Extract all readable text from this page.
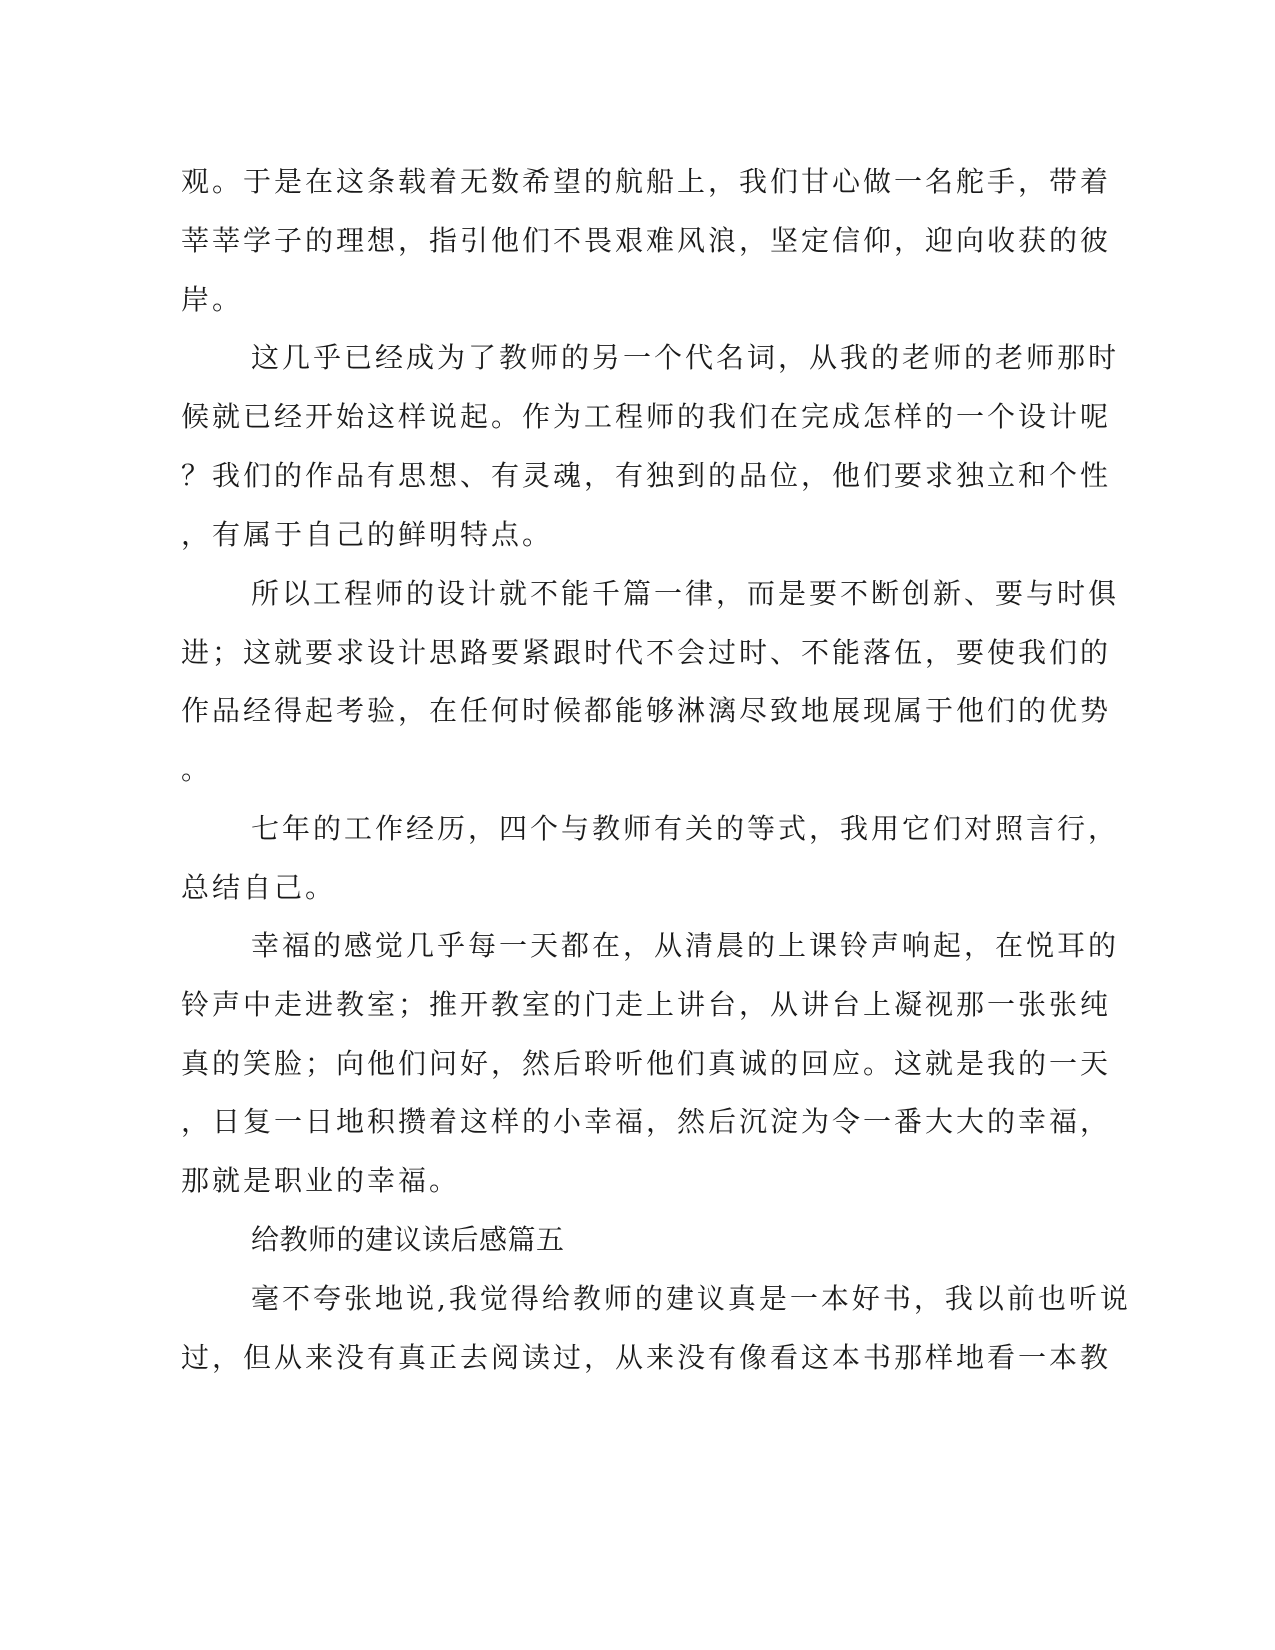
观。于是在这条载着无数希望的航船上，我们甘心做一名舵手，带着
莘莘学子的理想，指引他们不畏艰难风浪，坚定信仰，迎向收获的彼
岸。
这几乎已经成为了教师的另一个代名词，从我的老师的老师那时
候就已经开始这样说起。作为工程师的我们在完成怎样的一个设计呢
？我们的作品有思想、有灵魂，有独到的品位，他们要求独立和个性
，有属于自己的鲜明特点。
所以工程师的设计就不能千篇一律，而是要不断创新、要与时俱
进；这就要求设计思路要紧跟时代不会过时、不能落伍，要使我们的
作品经得起考验，在任何时候都能够淋漓尽致地展现属于他们的优势
。
七年的工作经历，四个与教师有关的等式，我用它们对照言行，
总结自己。
幸福的感觉几乎每一天都在，从清晨的上课铃声响起，在悦耳的
铃声中走进教室；推开教室的门走上讲台，从讲台上凝视那一张张纯
真的笑脸；向他们问好，然后聆听他们真诚的回应。这就是我的一天
，日复一日地积攒着这样的小幸福，然后沉淀为令一番大大的幸福，
那就是职业的幸福。
给教师的建议读后感篇五
毫不夸张地说,我觉得给教师的建议真是一本好书，我以前也听说
过，但从来没有真正去阅读过，从来没有像看这本书那样地看一本教
